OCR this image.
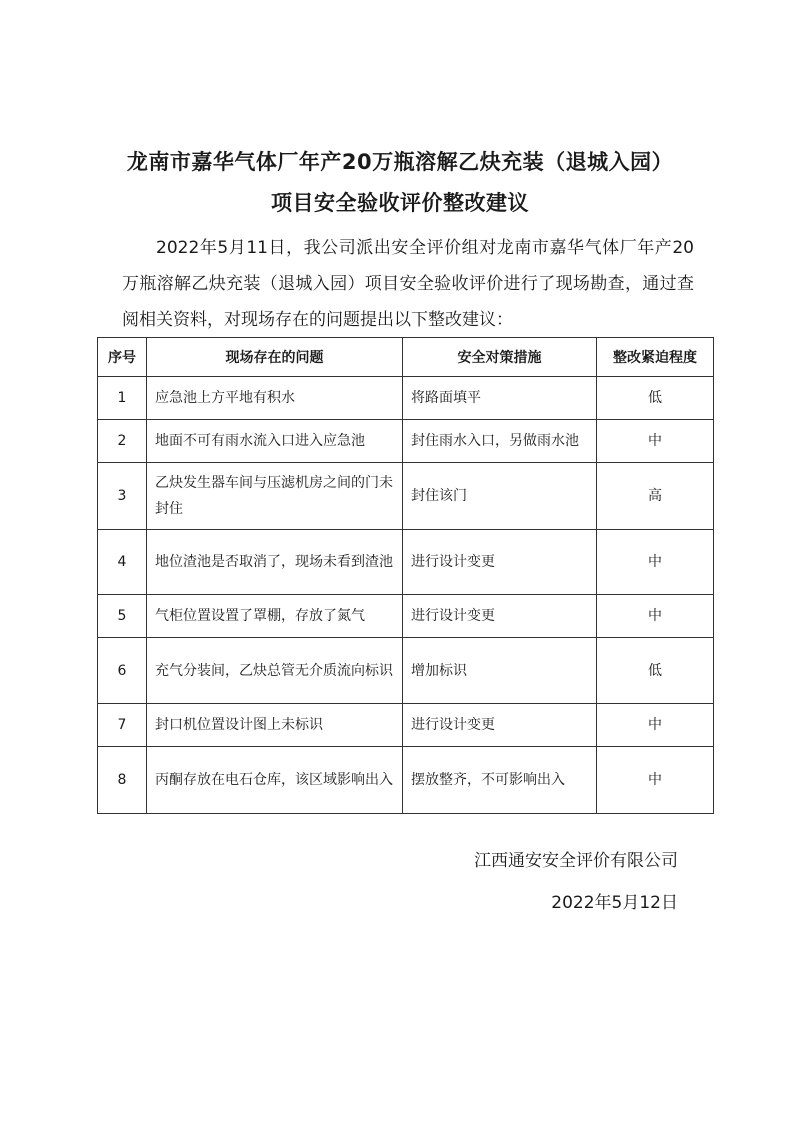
龙南市嘉华气体厂年产20万瓶溶解乙炔充装（退城入园）
项目安全验收评价整改建议

2022年5月11日，我公司派出安全评价组对龙南市嘉华气体厂年产20万瓶溶解乙炔充装（退城入园）项目安全验收评价进行了现场勘查，通过查阅相关资料，对现场存在的问题提出以下整改建议：

序号	现场存在的问题	安全对策措施	整改紧迫程度
1	应急池上方平地有积水	将路面填平	低
2	地面不可有雨水流入口进入应急池	封住雨水入口，另做雨水池	中
3	乙炔发生器车间与压滤机房之间的门未封住	封住该门	高
4	地位渣池是否取消了，现场未看到渣池	进行设计变更	中
5	气柜位置设置了罩棚，存放了氮气	进行设计变更	中
6	充气分装间，乙炔总管无介质流向标识	增加标识	低
7	封口机位置设计图上未标识	进行设计变更	中
8	丙酮存放在电石仓库，该区域影响出入	摆放整齐，不可影响出入	中
江西通安安全评价有限公司
2022年5月12日
